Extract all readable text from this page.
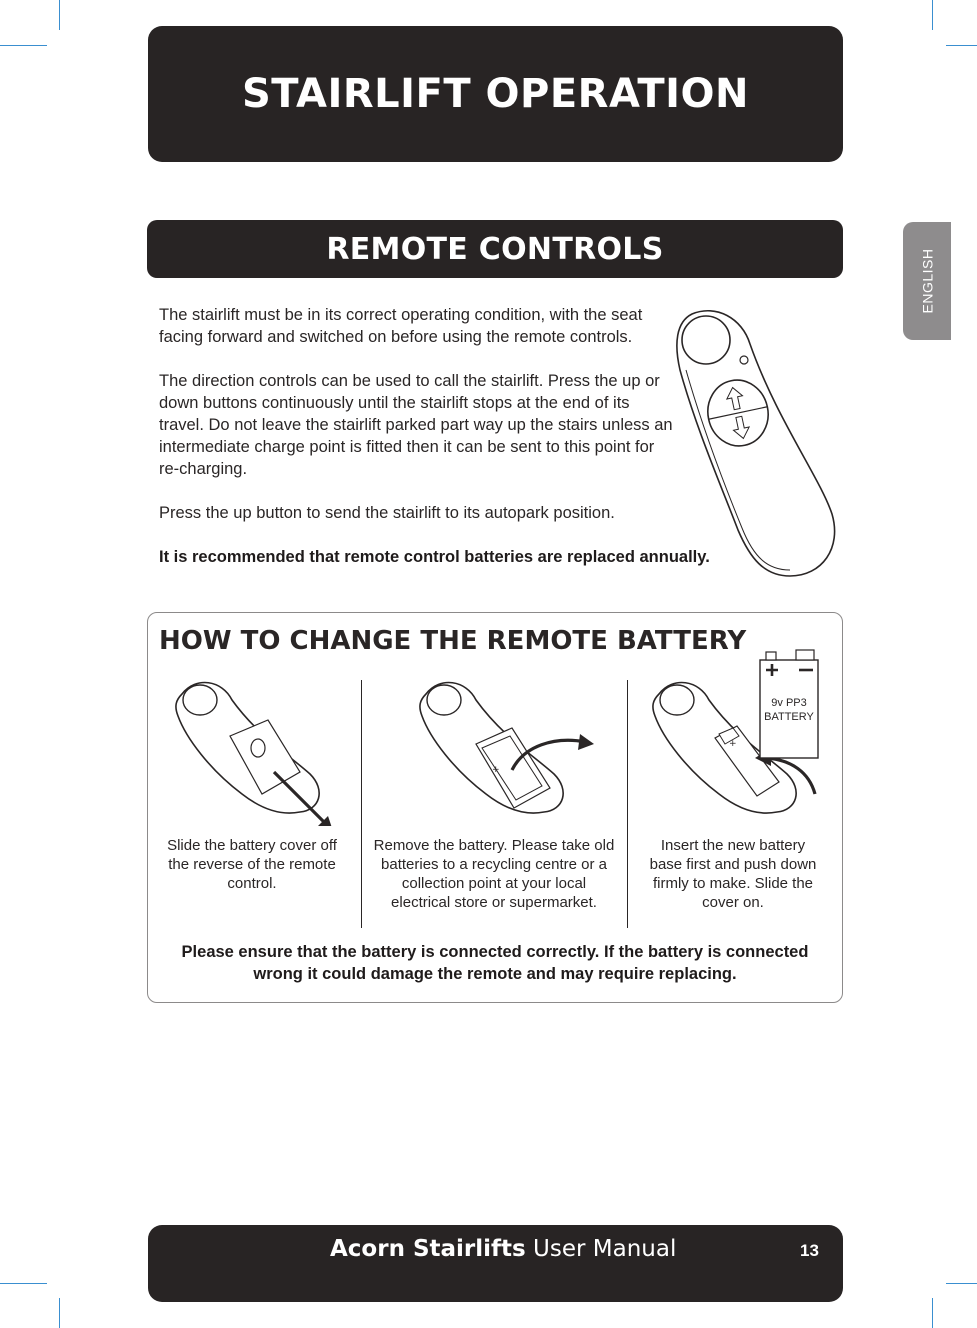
STAIRLIFT OPERATION
ENGLISH
REMOTE CONTROLS

The stairlift must be in its correct operating condition, with the seat facing forward and switched on before using the remote controls.

The direction controls can be used to call the stairlift. Press the up or down buttons continuously until the stairlift stops at the end of its travel. Do not leave the stairlift parked part way up the stairs unless an intermediate charge point is fitted then it can be sent to this point for re-charging.

Press the up button to send the stairlift to its autopark position.

It is recommended that remote control batteries are replaced annually.

HOW TO CHANGE THE REMOTE BATTERY
+
+
9v PP3
BATTERY
Slide the battery cover off the reverse of the remote control.
Remove the battery. Please take old batteries to a recycling centre or a collection point at your local electrical store or supermarket.
Insert the new battery base first and push down firmly to make. Slide the cover on.
Please ensure that the battery is connected correctly. If the battery is connected wrong it could damage the remote and may require replacing.
Acorn Stairlifts User Manual	13
